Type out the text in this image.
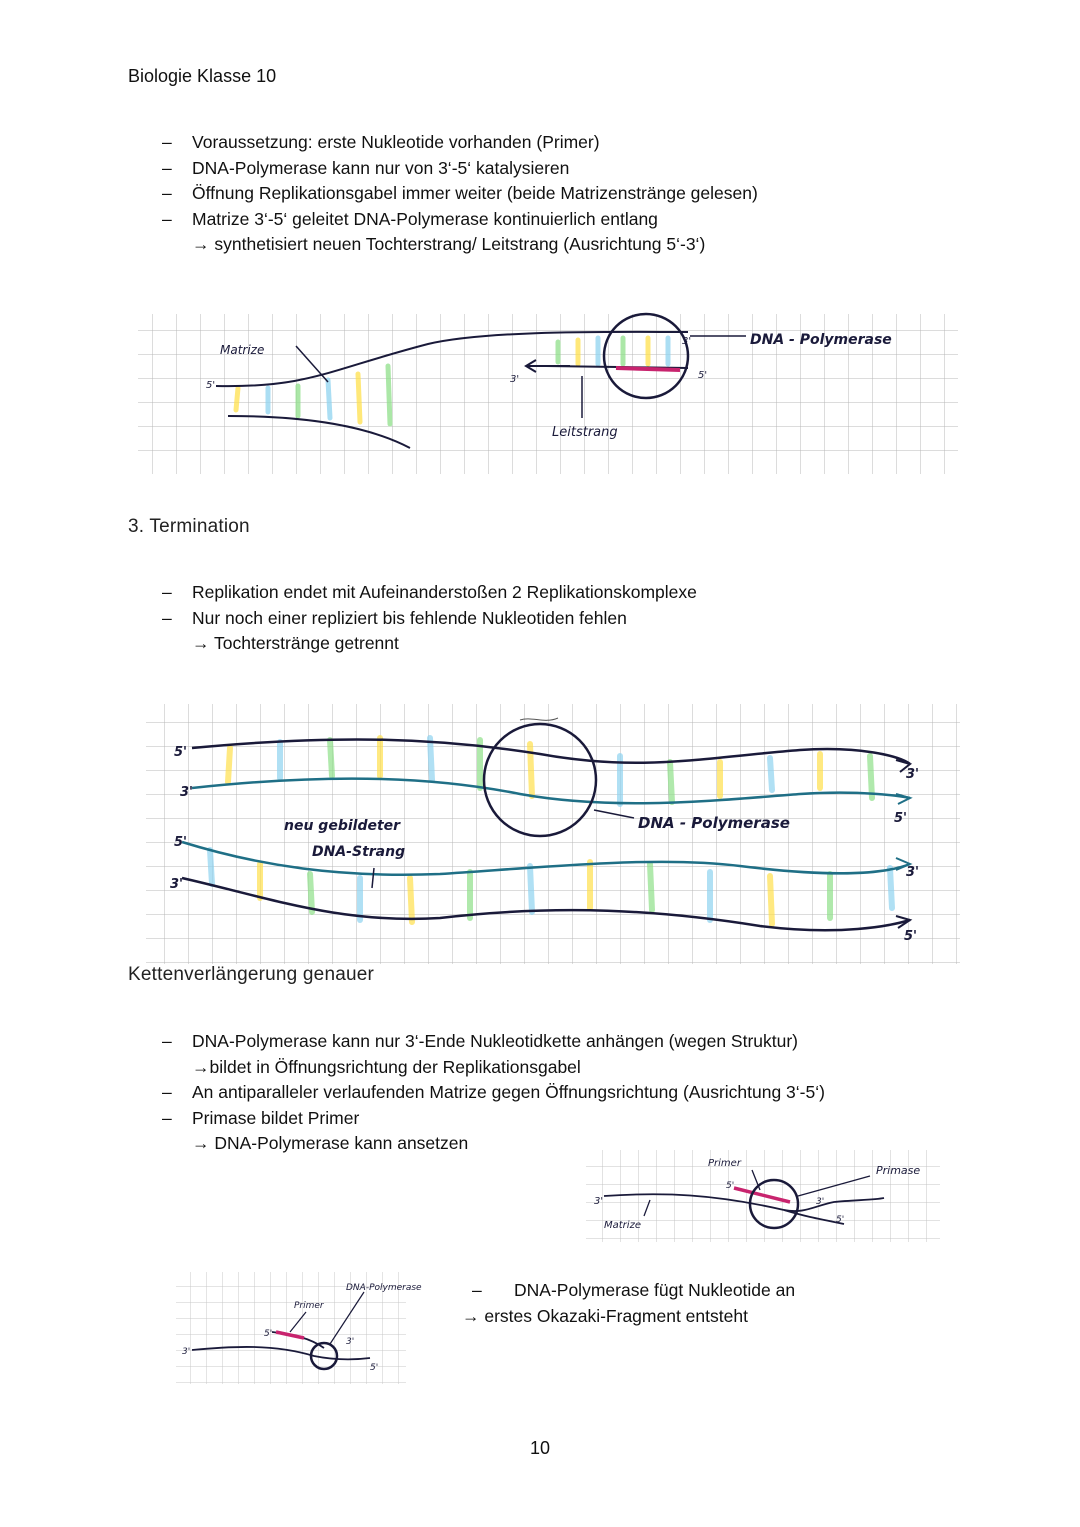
Biologie Klasse 10
–	Voraussetzung: erste Nukleotide vorhanden (Primer)
–	DNA-Polymerase kann nur von 3‘-5‘ katalysieren
–	Öffnung Replikationsgabel immer weiter (beide Matrizenstränge gelesen)
–	Matrize 3‘-5‘ geleitet DNA-Polymerase kontinuierlich entlang
→ synthetisiert neuen Tochterstrang/ Leitstrang (Ausrichtung 5‘-3‘)
Matrize
Leitstrang
DNA - Polymerase
5'
3'
3'
5'
3. Termination
–	Replikation endet mit Aufeinanderstoßen 2 Replikationskomplexe
–	Nur noch einer repliziert bis fehlende Nukleotiden fehlen
→ Tochterstränge getrennt
neu gebildeter
DNA-Strang
DNA - Polymerase
5'
3'
5'
3'
3'
5'
3'
5'
Kettenverlängerung genauer
–	DNA-Polymerase kann nur 3‘-Ende Nukleotidkette anhängen (wegen Struktur)
→bildet in Öffnungsrichtung der Replikationsgabel
–	An antiparalleler verlaufenden Matrize gegen Öffnungsrichtung (Ausrichtung 3‘-5‘)
–	Primase bildet Primer
→ DNA-Polymerase kann ansetzen
Primer
Primase
Matrize
3'
5'
3'
5'
DNA-Polymerase
Primer
3'
5'
3'
5'
–	DNA-Polymerase fügt Nukleotide an
→ erstes Okazaki-Fragment entsteht
10
